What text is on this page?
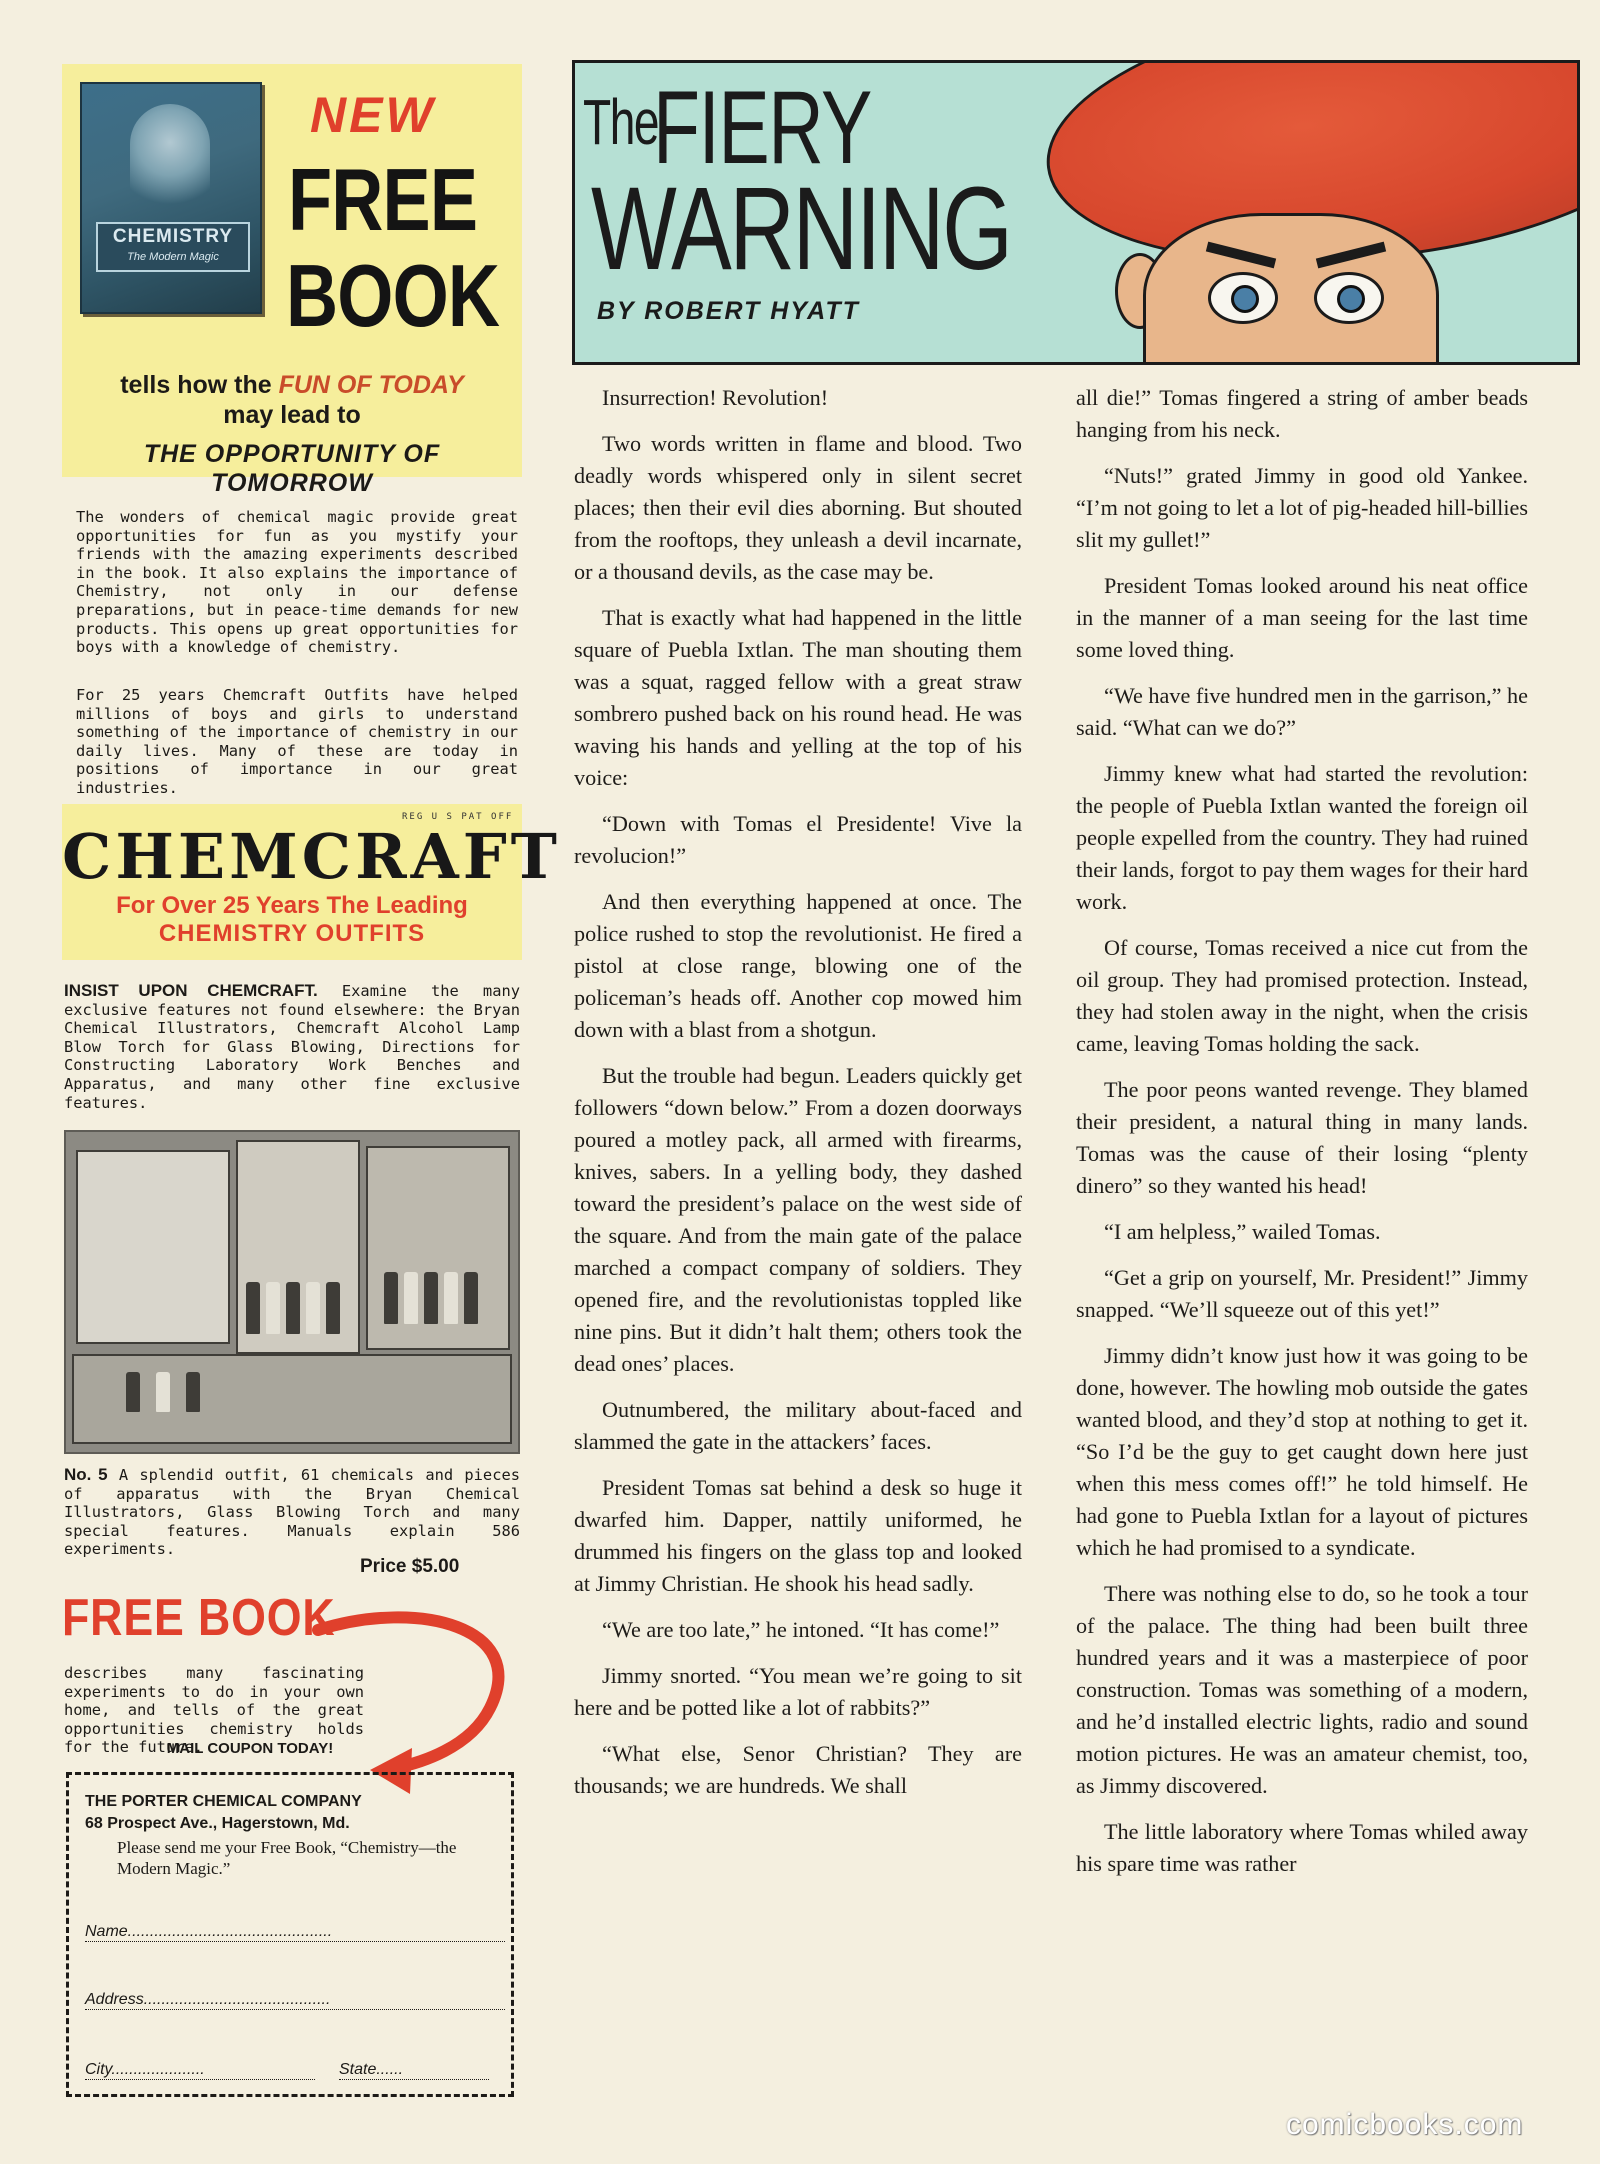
CHEMISTRY
The Modern Magic
NEW
FREE
BOOK
tells how the FUN OF TODAY
may lead to
THE OPPORTUNITY OF TOMORROW

The wonders of chemical magic provide great opportunities for fun as you mystify your friends with the amazing experiments described in the book. It also explains the importance of Chemistry, not only in our defense preparations, but in peace-time demands for new products. This opens up great opportunities for boys with a knowledge of chemistry.

For 25 years Chemcraft Outfits have helped millions of boys and girls to understand something of the importance of chemistry in our daily lives. Many of these are today in positions of importance in our great industries.

REG U S PAT OFF
CHEMCRAFT
For Over 25 Years The Leading
CHEMISTRY OUTFITS

INSIST UPON CHEMCRAFT. Examine the many exclusive features not found elsewhere: the Bryan Chemical Illustrators, Chemcraft Alcohol Lamp Blow Torch for Glass Blowing, Directions for Constructing Laboratory Work Benches and Apparatus, and many other fine exclusive features.

No. 5 A splendid outfit, 61 chemicals and pieces of apparatus with the Bryan Chemical Illustrators, Glass Blowing Torch and many special features. Manuals explain 586 experiments.

Price $5.00
FREE BOOK

describes many fascinating experiments to do in your own home, and tells of the great opportunities chemistry holds for the future.

MAIL COUPON TODAY!
THE PORTER CHEMICAL COMPANY
68 Prospect Ave., Hagerstown, Md.
Please send me your Free Book, “Chemistry—the Modern Magic.”
Name..............................................
Address..........................................
City.....................	State......
The
FIERY
WARNING
BY ROBERT HYATT

Insurrection! Revolution!

Two words written in flame and blood. Two deadly words whispered only in silent secret places; then their evil dies aborning. But shouted from the rooftops, they unleash a devil incarnate, or a thousand devils, as the case may be.

That is exactly what had happened in the little square of Puebla Ixtlan. The man shouting them was a squat, ragged fellow with a great straw sombrero pushed back on his round head. He was waving his hands and yelling at the top of his voice:

“Down with Tomas el Presidente! Vive la revolucion!”

And then everything happened at once. The police rushed to stop the revolutionist. He fired a pistol at close range, blowing one of the policeman’s heads off. Another cop mowed him down with a blast from a shotgun.

But the trouble had begun. Leaders quickly get followers “down below.” From a dozen doorways poured a motley pack, all armed with firearms, knives, sabers. In a yelling body, they dashed toward the president’s palace on the west side of the square. And from the main gate of the palace marched a compact company of soldiers. They opened fire, and the revolutionistas toppled like nine pins. But it didn’t halt them; others took the dead ones’ places.

Outnumbered, the military about-faced and slammed the gate in the attackers’ faces.

President Tomas sat behind a desk so huge it dwarfed him. Dapper, nattily uniformed, he drummed his fingers on the glass top and looked at Jimmy Christian. He shook his head sadly.

“We are too late,” he intoned. “It has come!”

Jimmy snorted. “You mean we’re going to sit here and be potted like a lot of rabbits?”

“What else, Senor Christian? They are thousands; we are hundreds. We shall

all die!” Tomas fingered a string of amber beads hanging from his neck.

“Nuts!” grated Jimmy in good old Yankee. “I’m not going to let a lot of pig-headed hill-billies slit my gullet!”

President Tomas looked around his neat office in the manner of a man seeing for the last time some loved thing.

“We have five hundred men in the garrison,” he said. “What can we do?”

Jimmy knew what had started the revolution: the people of Puebla Ixtlan wanted the foreign oil people expelled from the country. They had ruined their lands, forgot to pay them wages for their hard work.

Of course, Tomas received a nice cut from the oil group. They had promised protection. Instead, they had stolen away in the night, when the crisis came, leaving Tomas holding the sack.

The poor peons wanted revenge. They blamed their president, a natural thing in many lands. Tomas was the cause of their losing “plenty dinero” so they wanted his head!

“I am helpless,” wailed Tomas.

“Get a grip on yourself, Mr. President!” Jimmy snapped. “We’ll squeeze out of this yet!”

Jimmy didn’t know just how it was going to be done, however. The howling mob outside the gates wanted blood, and they’d stop at nothing to get it. “So I’d be the guy to get caught down here just when this mess comes off!” he told himself. He had gone to Puebla Ixtlan for a layout of pictures which he had promised to a syndicate.

There was nothing else to do, so he took a tour of the palace. The thing had been built three hundred years and it was a masterpiece of poor construction. Tomas was something of a modern, and he’d installed electric lights, radio and sound motion pictures. He was an amateur chemist, too, as Jimmy discovered.

The little laboratory where Tomas whiled away his spare time was rather

comicbooks.com
